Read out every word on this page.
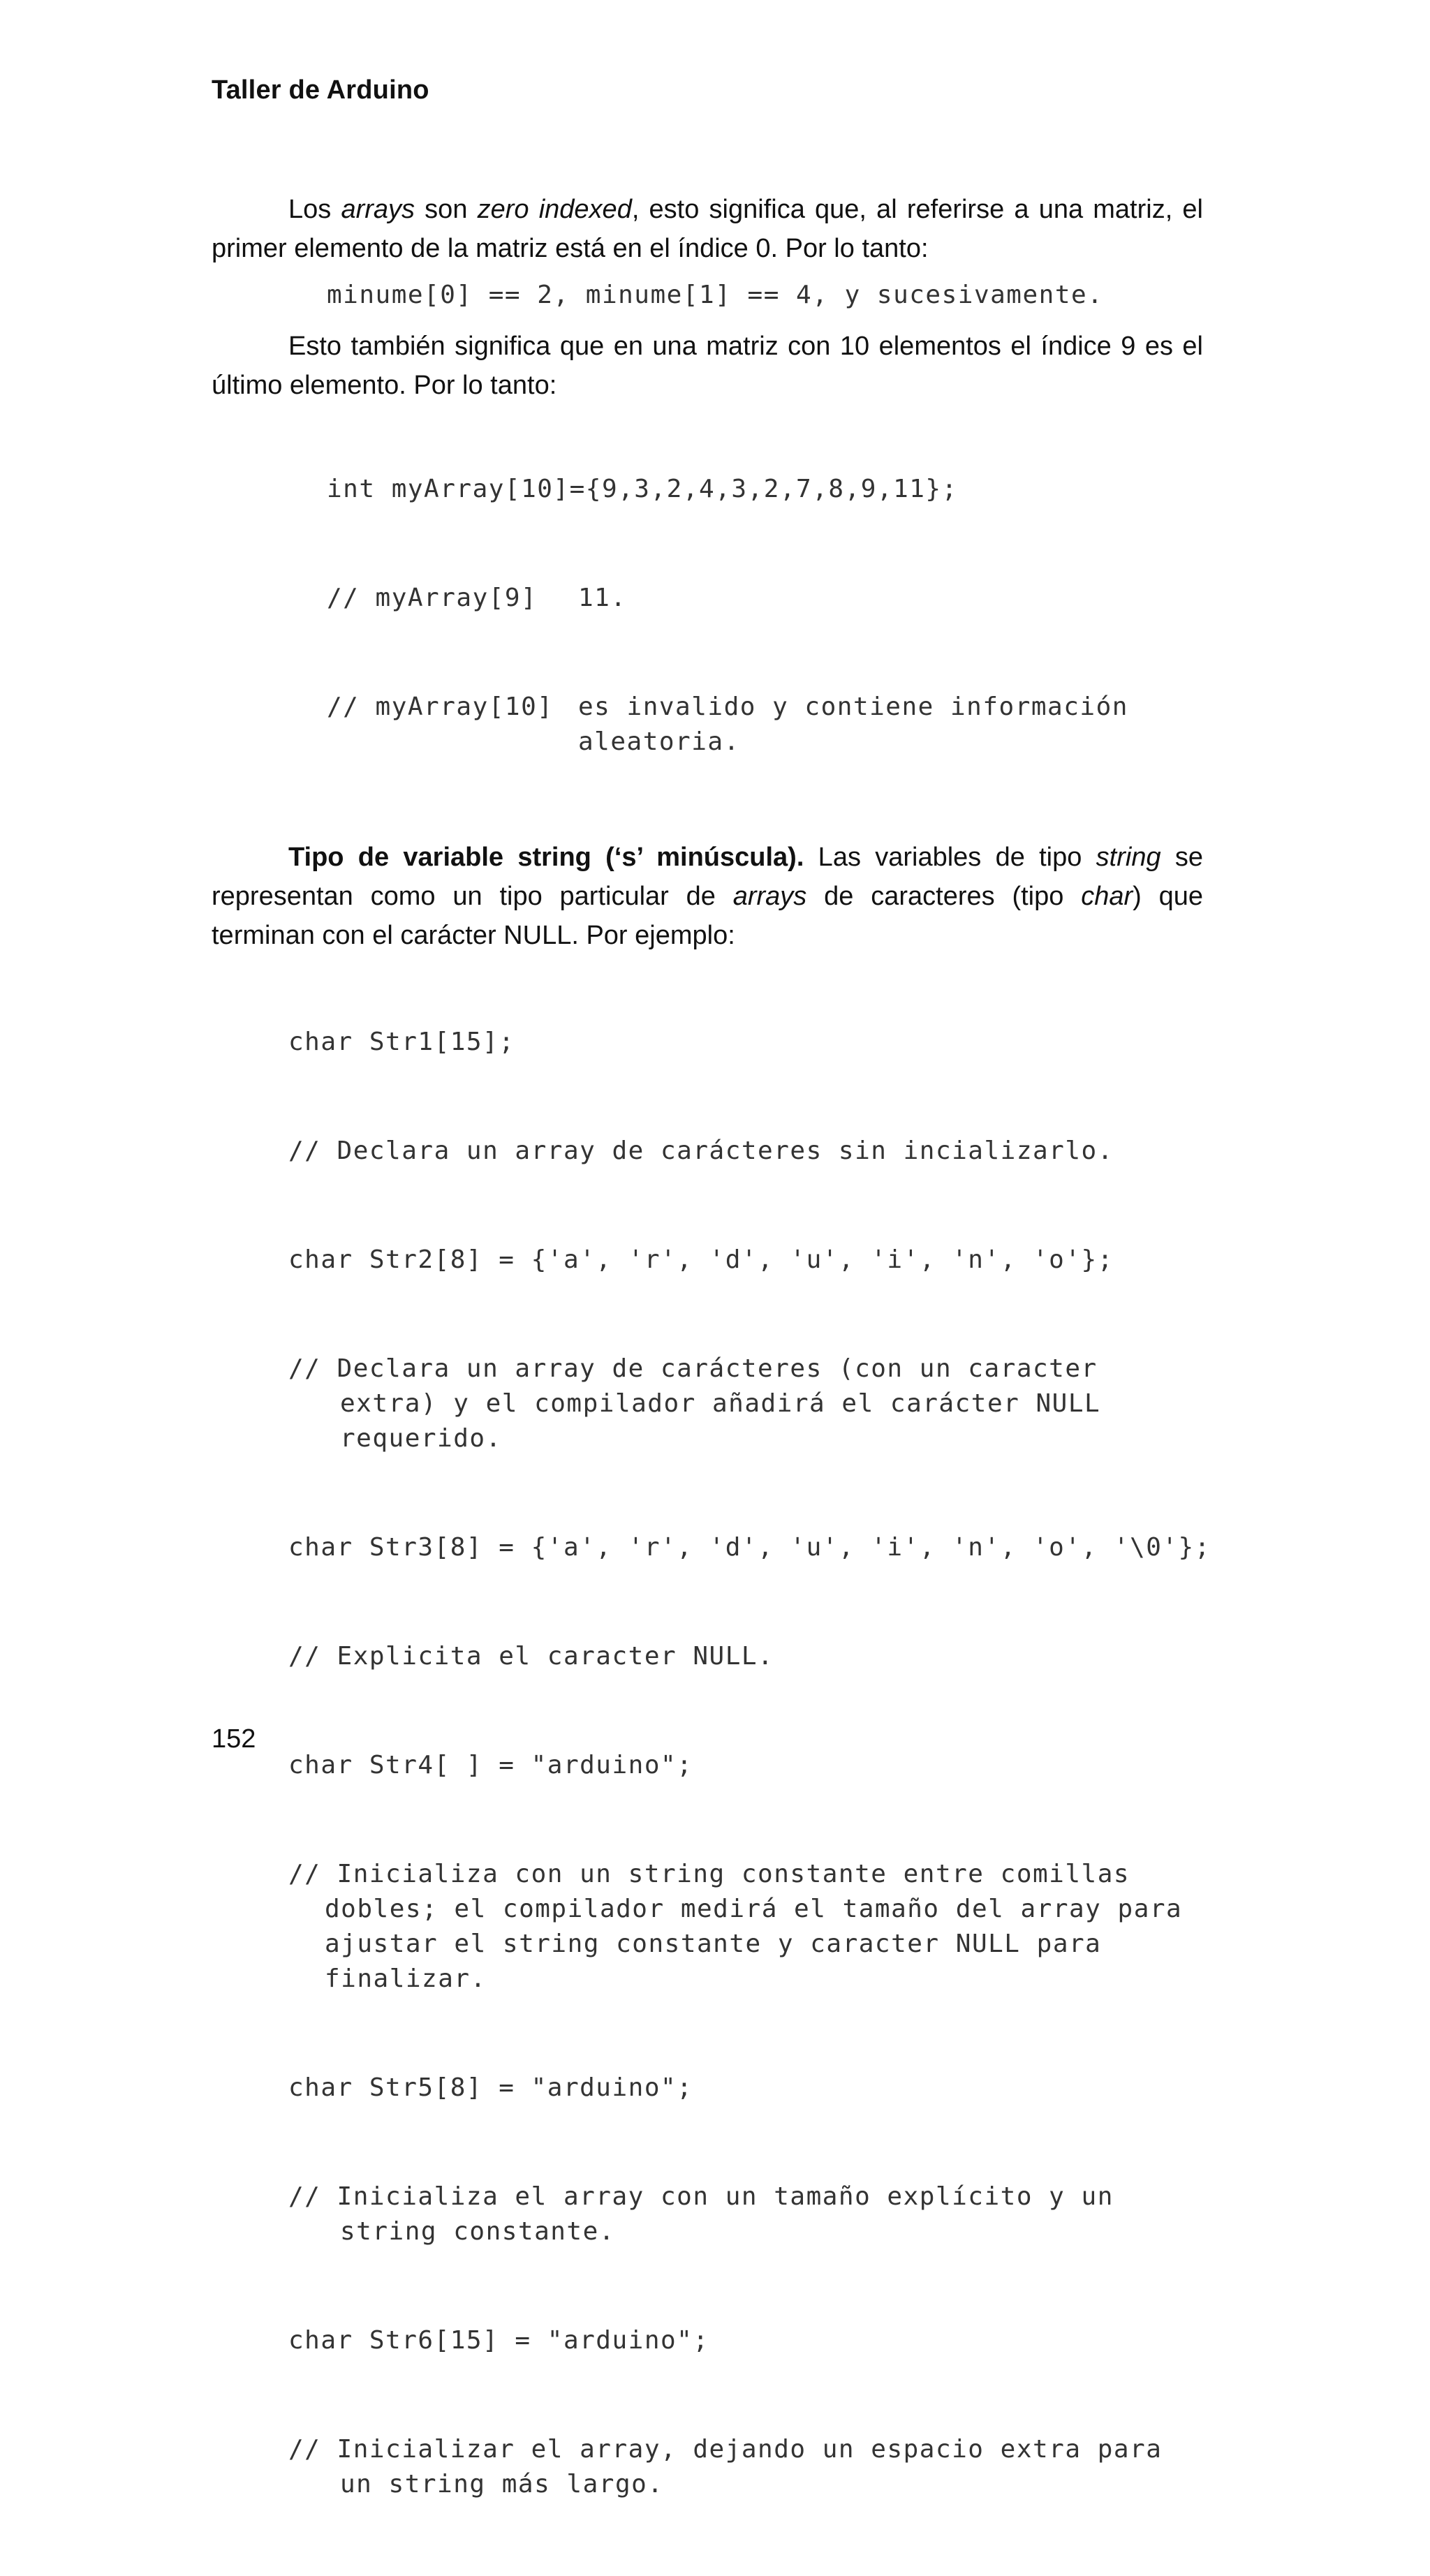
Taller de Arduino

Los arrays son zero indexed, esto significa que, al referirse a una matriz, el primer elemento de la matriz está en el índice 0. Por lo tanto:

minume[0] == 2, minume[1] == 4, y sucesivamente.

Esto también significa que en una matriz con 10 elementos el índice 9 es el último elemento. Por lo tanto:

int myArray[10]={9,3,2,4,3,2,7,8,9,11};

// myArray[9] 11.

// myArray[10] es invalido y contiene información
aleatoria.

Tipo de variable string (‘s’ minúscula). Las variables de tipo string se representan como un tipo particular de arrays de caracteres (tipo char) que terminan con el carácter NULL. Por ejemplo:

char Str1[15];

// Declara un array de carácteres sin incializarlo.

char Str2[8] = {'a', 'r', 'd', 'u', 'i', 'n', 'o'};

// Declara un array de carácteres (con un caracter
extra) y el compilador añadirá el carácter NULL
requerido.

char Str3[8] = {'a', 'r', 'd', 'u', 'i', 'n', 'o', '\0'};

// Explicita el caracter NULL.

char Str4[ ] = "arduino";

// Inicializa con un string constante entre comillas
dobles; el compilador medirá el tamaño del array para
ajustar el string constante y caracter NULL para
finalizar.

char Str5[8] = "arduino";

// Inicializa el array con un tamaño explícito y un
string constante.

char Str6[15] = "arduino";

// Inicializar el array, dejando un espacio extra para
un string más largo.

152
